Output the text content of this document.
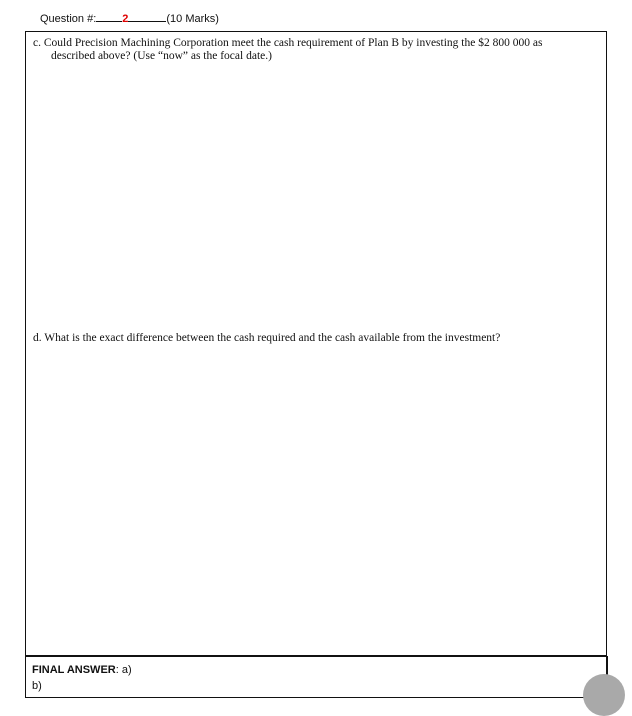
Question #: 2	(10 Marks)
c. Could Precision Machining Corporation meet the cash requirement of Plan B by investing the $2 800 000 as
described above? (Use “now” as the focal date.)
d. What is the exact difference between the cash required and the cash available from the investment?
FINAL ANSWER: a)
b)
